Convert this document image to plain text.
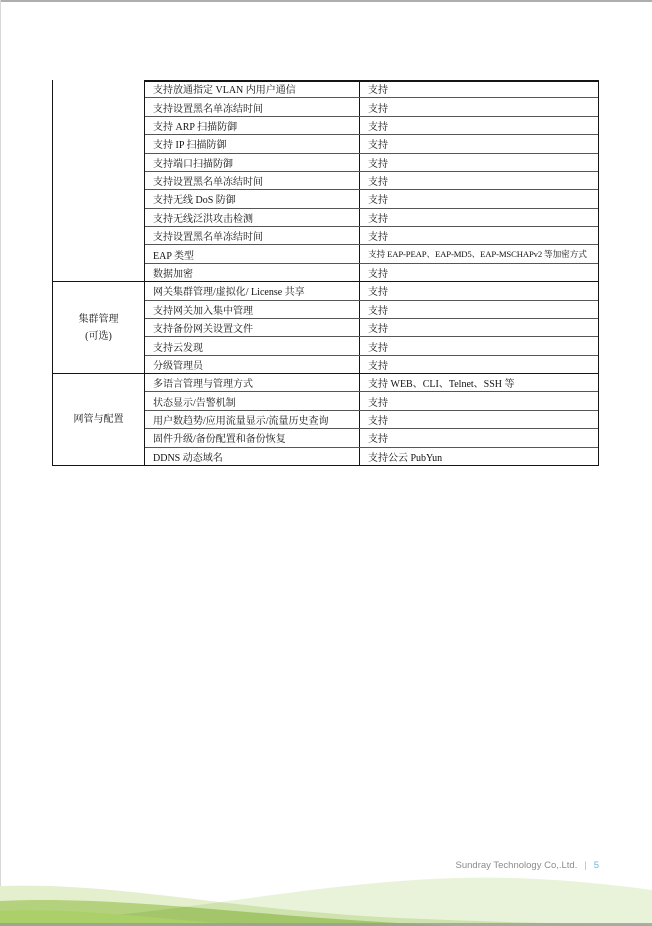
支持放通指定 VLAN 内用户通信	支持
支持设置黑名单冻结时间	支持
支持 ARP 扫描防御	支持
支持 IP 扫描防御	支持
支持端口扫描防御	支持
支持设置黑名单冻结时间	支持
支持无线 DoS 防御	支持
支持无线泛洪攻击检测	支持
支持设置黑名单冻结时间	支持
EAP 类型	支持 EAP-PEAP、EAP-MD5、EAP-MSCHAPv2 等加密方式
数据加密	支持
集群管理
(可选)
网关集群管理/虚拟化/ License 共享	支持
支持网关加入集中管理	支持
支持备份网关设置文件	支持
支持云发现	支持
分级管理员	支持
网管与配置
多语言管理与管理方式	支持 WEB、CLI、Telnet、SSH 等
状态显示/告警机制	支持
用户数趋势/应用流量显示/流量历史查询	支持
固件升级/备份配置和备份恢复	支持
DDNS 动态域名	支持公云 PubYun
Sundray Technology Co,.Ltd. | 5
